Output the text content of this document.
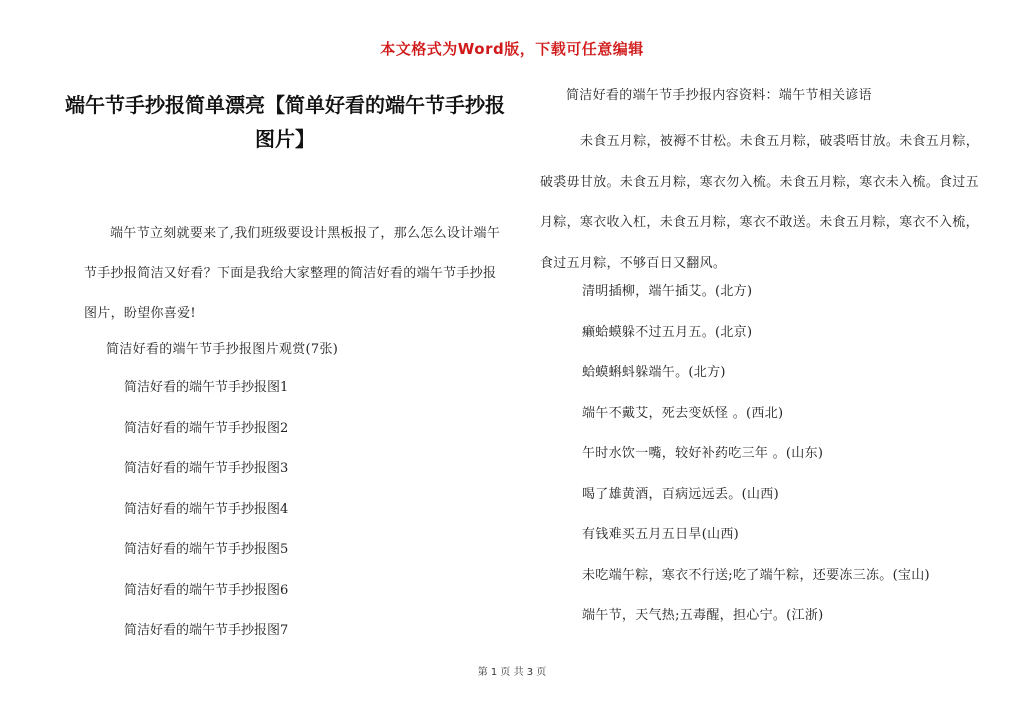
本文格式为Word版，下载可任意编辑
端午节手抄报简单漂亮【简单好看的端午节手抄报图片】

端午节立刻就要来了,我们班级要设计黑板报了，那么怎么设计端午节手抄报简洁又好看？下面是我给大家整理的简洁好看的端午节手抄报图片，盼望你喜爱!

简洁好看的端午节手抄报图片观赏(7张)
简洁好看的端午节手抄报图1
简洁好看的端午节手抄报图2
简洁好看的端午节手抄报图3
简洁好看的端午节手抄报图4
简洁好看的端午节手抄报图5
简洁好看的端午节手抄报图6
简洁好看的端午节手抄报图7
简洁好看的端午节手抄报内容资料：端午节相关谚语

未食五月粽，被褥不甘松。未食五月粽，破裘唔甘放。未食五月粽，破裘毋甘放。未食五月粽，寒衣勿入梳。未食五月粽，寒衣未入梳。食过五月粽，寒衣收入杠，未食五月粽，寒衣不敢送。未食五月粽，寒衣不入梳，食过五月粽，不够百日又翻风。

清明插柳，端午插艾。(北方)
癞蛤蟆躲不过五月五。(北京)
蛤蟆蝌蚪躲端午。(北方)
端午不戴艾，死去变妖怪 。(西北)
午时水饮一嘴，较好补药吃三年 。(山东)
喝了雄黄酒，百病远远丢。(山西)
有钱难买五月五日旱(山西)
未吃端午粽，寒衣不行送;吃了端午粽，还要冻三冻。(宝山)
端午节，天气热;五毒醒，担心宁。(江浙)
第 1 页 共 3 页
